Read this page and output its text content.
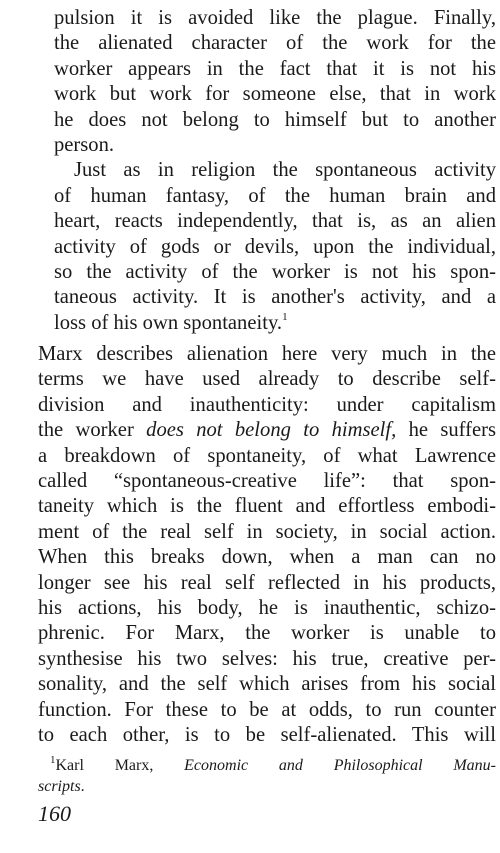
pulsion it is avoided like the plague. Finally,
the alienated character of the work for the
worker appears in the fact that it is not his
work but work for someone else, that in work
he does not belong to himself but to another
person.
Just as in religion the spontaneous activity
of human fantasy, of the human brain and
heart, reacts independently, that is, as an alien
activity of gods or devils, upon the individual,
so the activity of the worker is not his spon-
taneous activity. It is another's activity, and a
loss of his own spontaneity.$^1$
Marx describes alienation here very much in the
terms we have used already to describe self-
division and inauthenticity: under capitalism
the worker does not belong to himself, he suffers
a breakdown of spontaneity, of what Lawrence
called “spontaneous-creative life”: that spon-
taneity which is the fluent and effortless embodi-
ment of the real self in society, in social action.
When this breaks down, when a man can no
longer see his real self reflected in his products,
his actions, his body, he is inauthentic, schizo-
phrenic. For Marx, the worker is unable to
synthesise his two selves: his true, creative per-
sonality, and the self which arises from his social
function. For these to be at odds, to run counter
to each other, is to be self-alienated. This will
$^1$Karl Marx, Economic and Philosophical Manu-
scripts.
160
